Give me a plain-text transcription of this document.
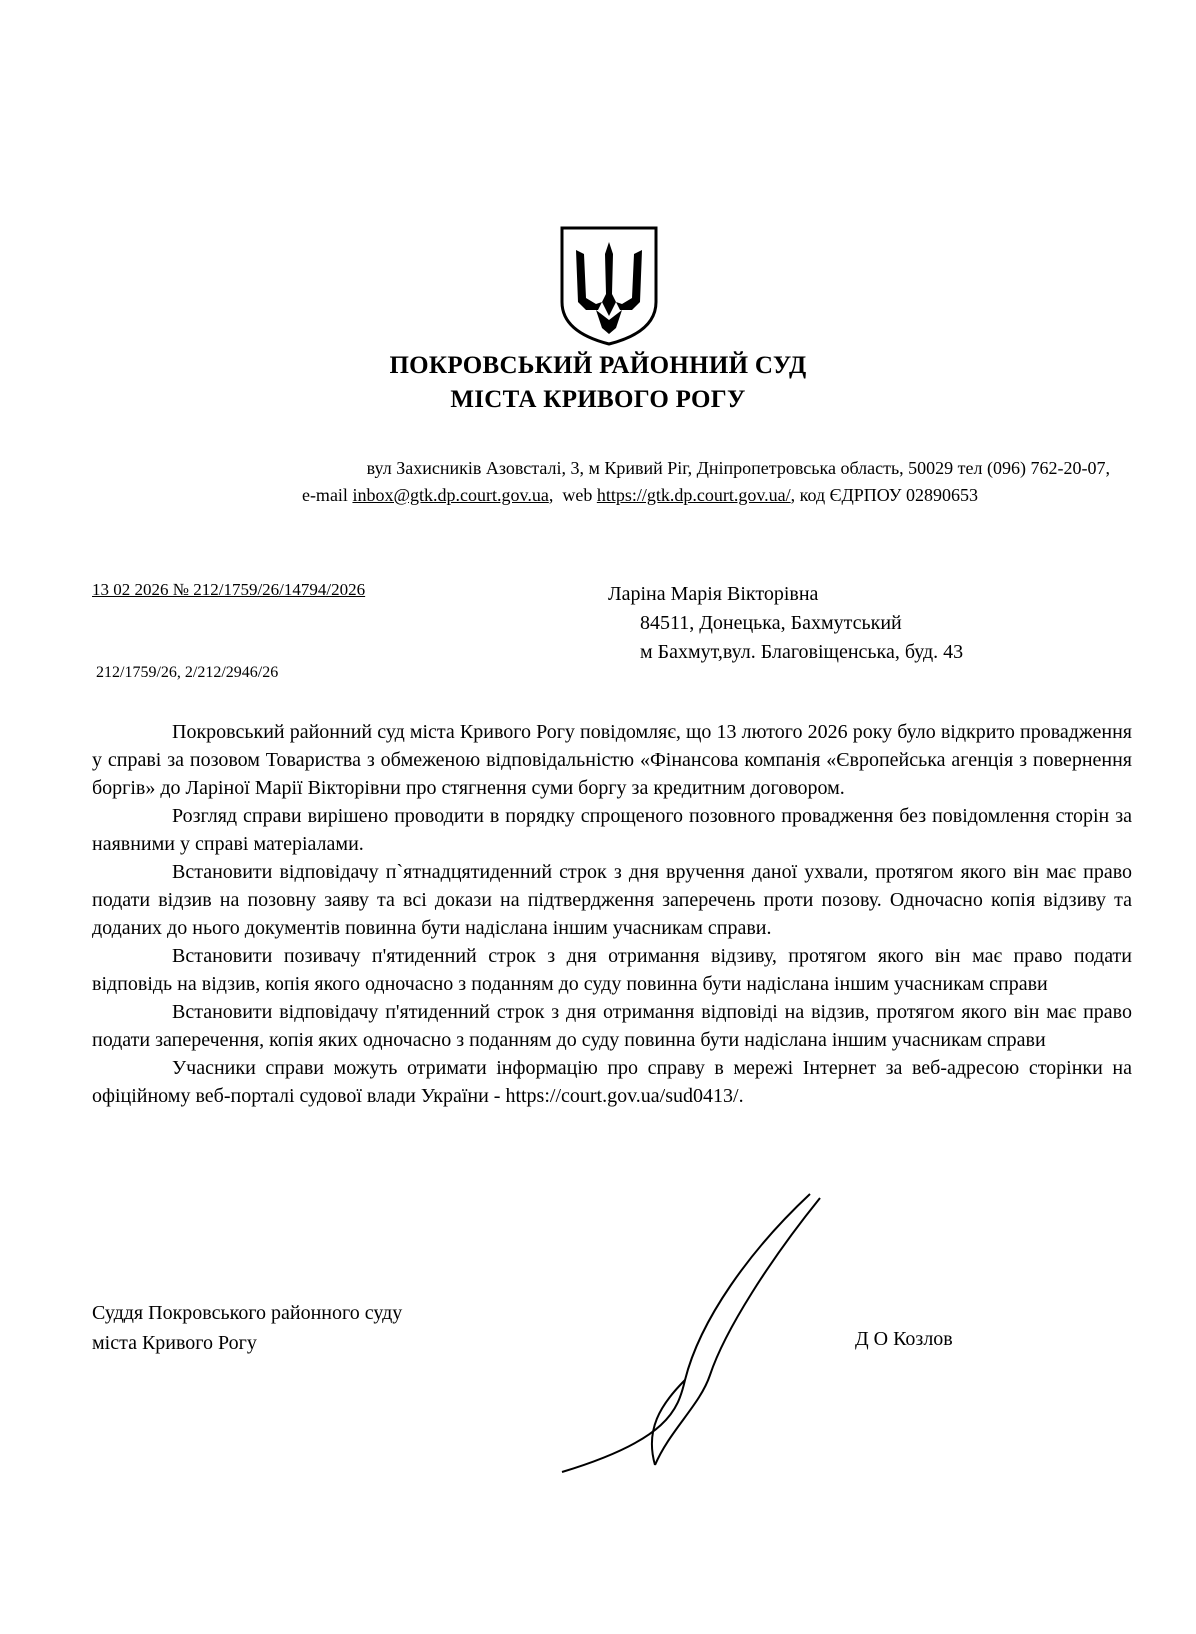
ПОКРОВСЬКИЙ РАЙОННИЙ СУД
МІСТА КРИВОГО РОГУ
вул Захисників Азовсталі, 3, м Кривий Ріг, Дніпропетровська область, 50029 тел (096) 762-20-07,
e-mail inbox@gtk.dp.court.gov.ua,  web https://gtk.dp.court.gov.ua/, код ЄДРПОУ 02890653
13 02 2026 № 212/1759/26/14794/2026
212/1759/26, 2/212/2946/26
Ларіна Марія Вікторівна
84511, Донецька, Бахмутський
м Бахмут,вул. Благовіщенська, буд. 43

Покровський районний суд міста Кривого Рогу повідомляє, що 13 лютого 2026 року було відкрито провадження у справі за позовом Товариства з обмеженою відповідальністю «Фінансова компанія «Європейська агенція з повернення боргів» до Ларіної Марії Вікторівни про стягнення суми боргу за кредитним договором.

Розгляд справи вирішено проводити в порядку спрощеного позовного провадження без повідомлення сторін за наявними у справі матеріалами.

Встановити відповідачу п`ятнадцятиденний строк з дня вручення даної ухвали, протягом якого він має право подати відзив на позовну заяву та всі докази на підтвердження заперечень проти позову. Одночасно копія відзиву та доданих до нього документів повинна бути надіслана іншим учасникам справи.

Встановити позивачу п'ятиденний строк з дня отримання відзиву, протягом якого він має право подати відповідь на відзив, копія якого одночасно з поданням до суду повинна бути надіслана іншим учасникам справи

Встановити відповідачу п'ятиденний строк з дня отримання відповіді на відзив, протягом якого він має право подати заперечення, копія яких одночасно з поданням до суду повинна бути надіслана іншим учасникам справи

Учасники справи можуть отримати інформацію про справу в мережі Інтернет за веб-адресою сторінки на офіційному веб-порталі судової влади України - https://court.gov.ua/sud0413/.

Суддя Покровського районного суду
міста Кривого Рогу	Д О Козлов
